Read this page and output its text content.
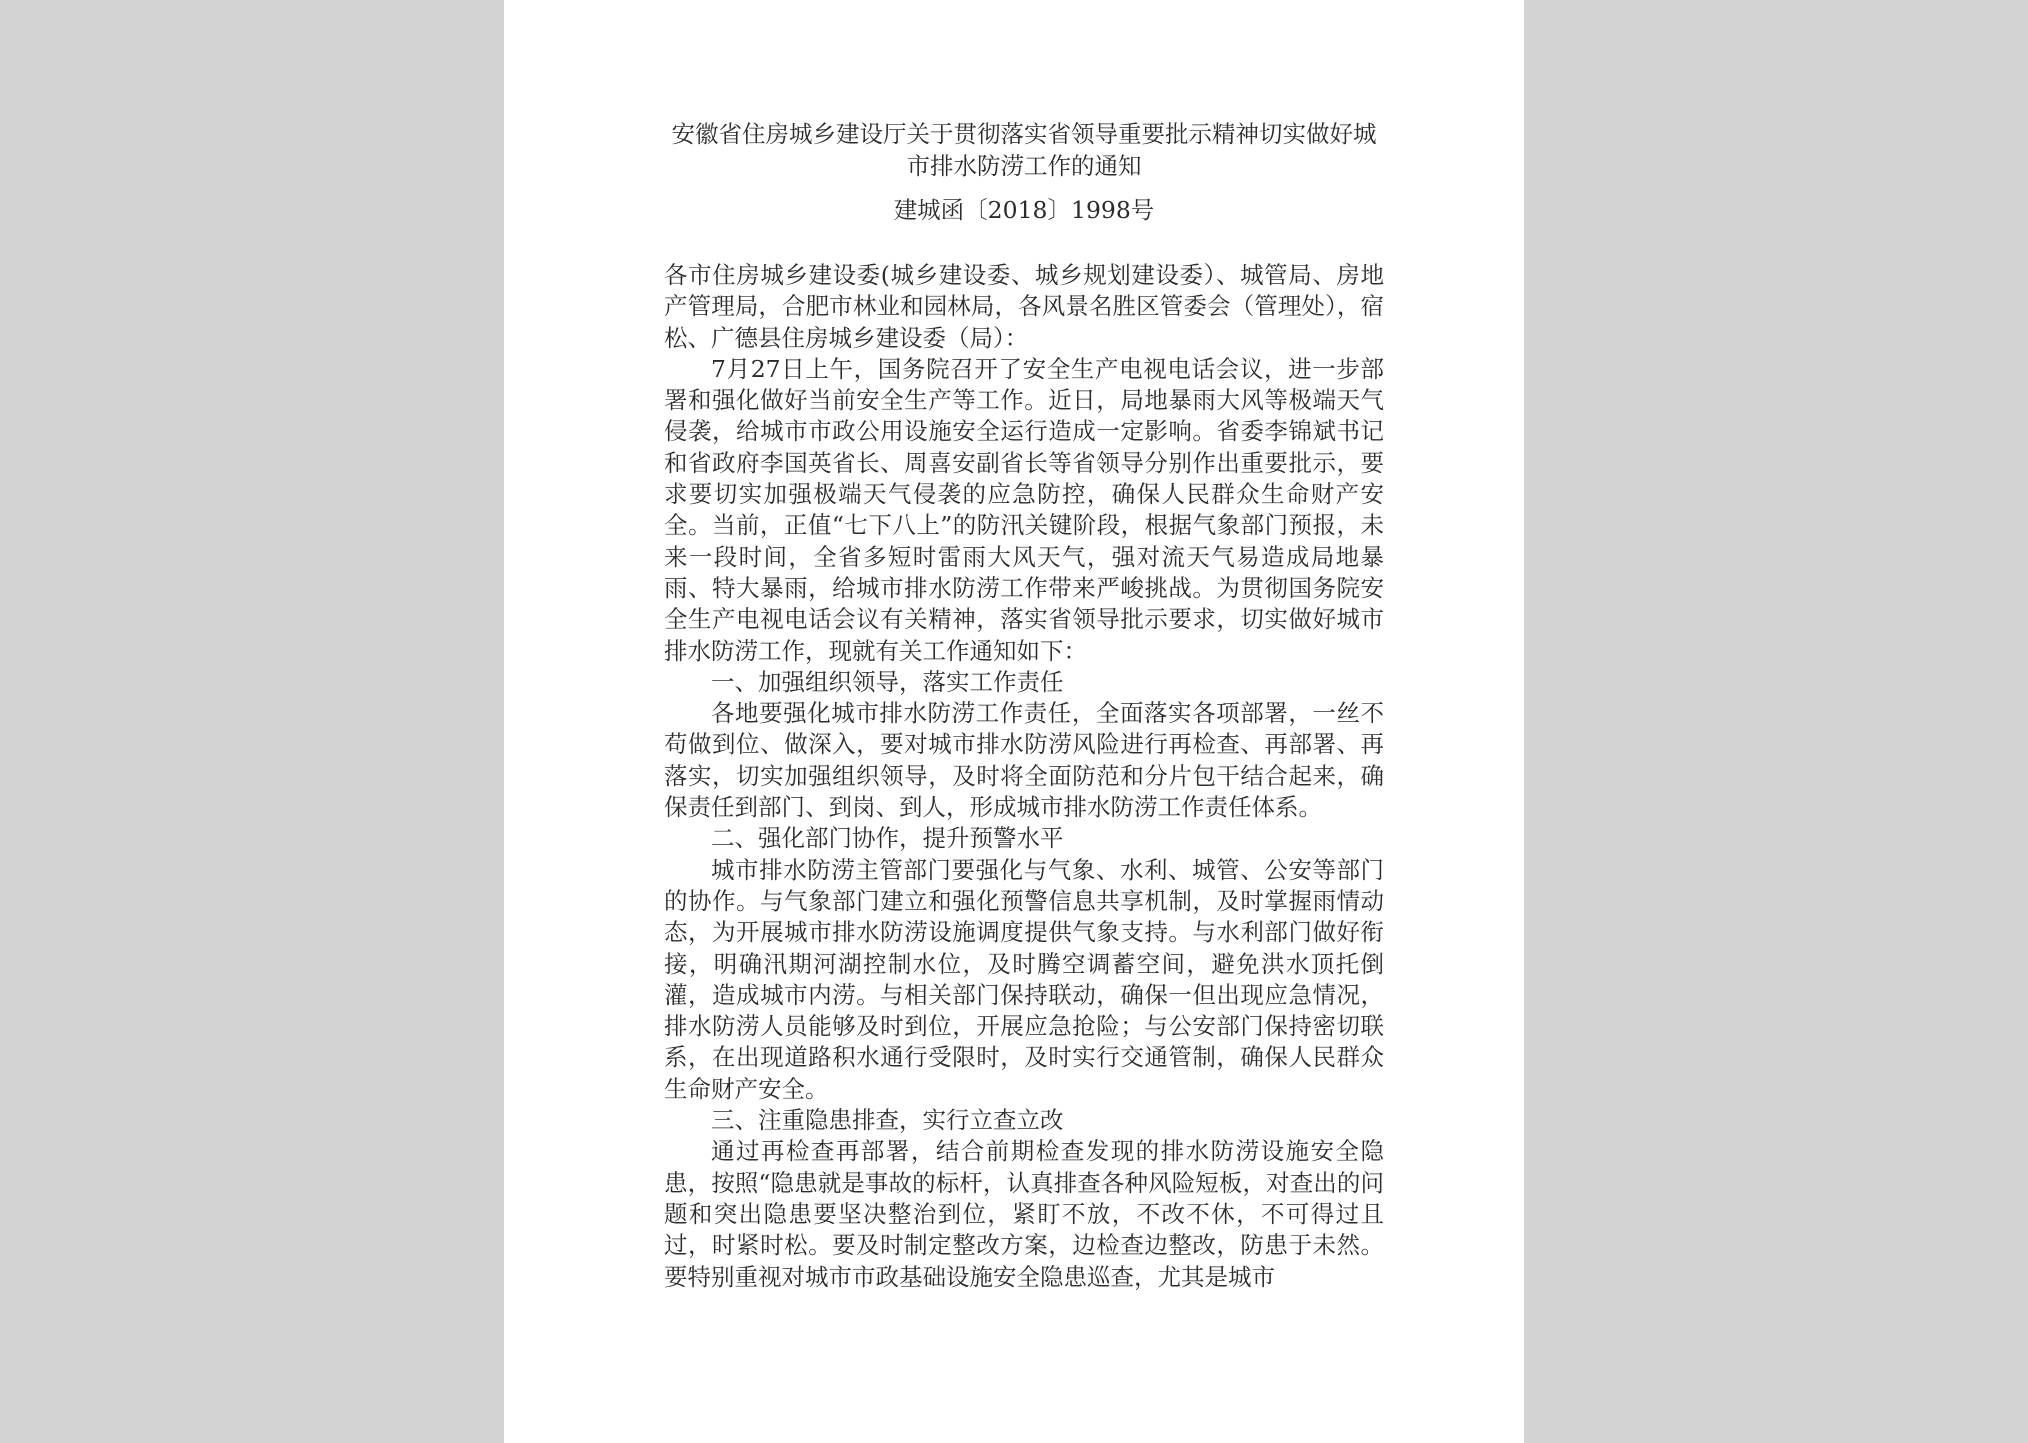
安徽省住房城乡建设厅关于贯彻落实省领导重要批示精神切实做好城市排水防涝工作的通知
建城函〔2018〕1998号

各市住房城乡建设委(城乡建设委、城乡规划建设委）、城管局、房地产管理局，合肥市林业和园林局，各风景名胜区管委会（管理处），宿松、广德县住房城乡建设委（局）：

7月27日上午，国务院召开了安全生产电视电话会议，进一步部署和强化做好当前安全生产等工作。近日，局地暴雨大风等极端天气侵袭，给城市市政公用设施安全运行造成一定影响。省委李锦斌书记和省政府李国英省长、周喜安副省长等省领导分别作出重要批示，要求要切实加强极端天气侵袭的应急防控，确保人民群众生命财产安全。当前，正值“七下八上”的防汛关键阶段，根据气象部门预报，未来一段时间，全省多短时雷雨大风天气，强对流天气易造成局地暴雨、特大暴雨，给城市排水防涝工作带来严峻挑战。为贯彻国务院安全生产电视电话会议有关精神，落实省领导批示要求，切实做好城市排水防涝工作，现就有关工作通知如下：

一、加强组织领导，落实工作责任

各地要强化城市排水防涝工作责任，全面落实各项部署，一丝不苟做到位、做深入，要对城市排水防涝风险进行再检查、再部署、再落实，切实加强组织领导，及时将全面防范和分片包干结合起来，确保责任到部门、到岗、到人，形成城市排水防涝工作责任体系。

二、强化部门协作，提升预警水平

城市排水防涝主管部门要强化与气象、水利、城管、公安等部门的协作。与气象部门建立和强化预警信息共享机制，及时掌握雨情动态，为开展城市排水防涝设施调度提供气象支持。与水利部门做好衔接，明确汛期河湖控制水位，及时腾空调蓄空间，避免洪水顶托倒灌，造成城市内涝。与相关部门保持联动，确保一但出现应急情况，排水防涝人员能够及时到位，开展应急抢险；与公安部门保持密切联系，在出现道路积水通行受限时，及时实行交通管制，确保人民群众生命财产安全。

三、注重隐患排查，实行立查立改

通过再检查再部署，结合前期检查发现的排水防涝设施安全隐患，按照“隐患就是事故的标杆，认真排查各种风险短板，对查出的问题和突出隐患要坚决整治到位，紧盯不放，不改不休，不可得过且过，时紧时松。要及时制定整改方案，边检查边整改，防患于未然。要特别重视对城市市政基础设施安全隐患巡查，尤其是城市
